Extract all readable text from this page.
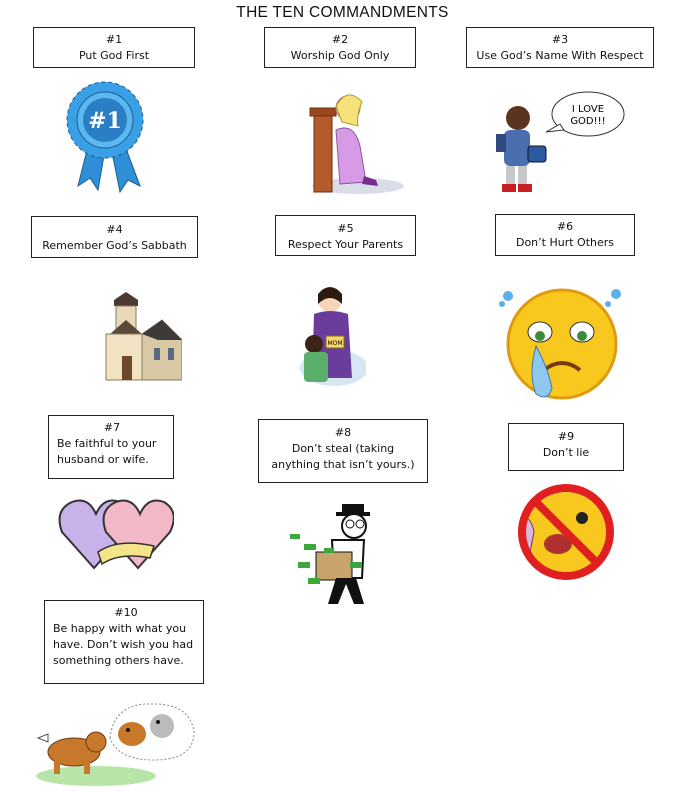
THE TEN COMMANDMENTS
#1
Put God First
#2
Worship God Only
#3
Use God’s Name With Respect
#4
Remember God’s Sabbath
#5
Respect Your Parents
#6
Don’t Hurt Others
#7
Be faithful to your husband or wife.
#8
Don’t steal (taking anything that isn’t yours.)
#9
Don’t lie
#10
Be happy with what you have. Don’t wish you had something others have.
#1	I LOVE
GOD!!!
MOM
